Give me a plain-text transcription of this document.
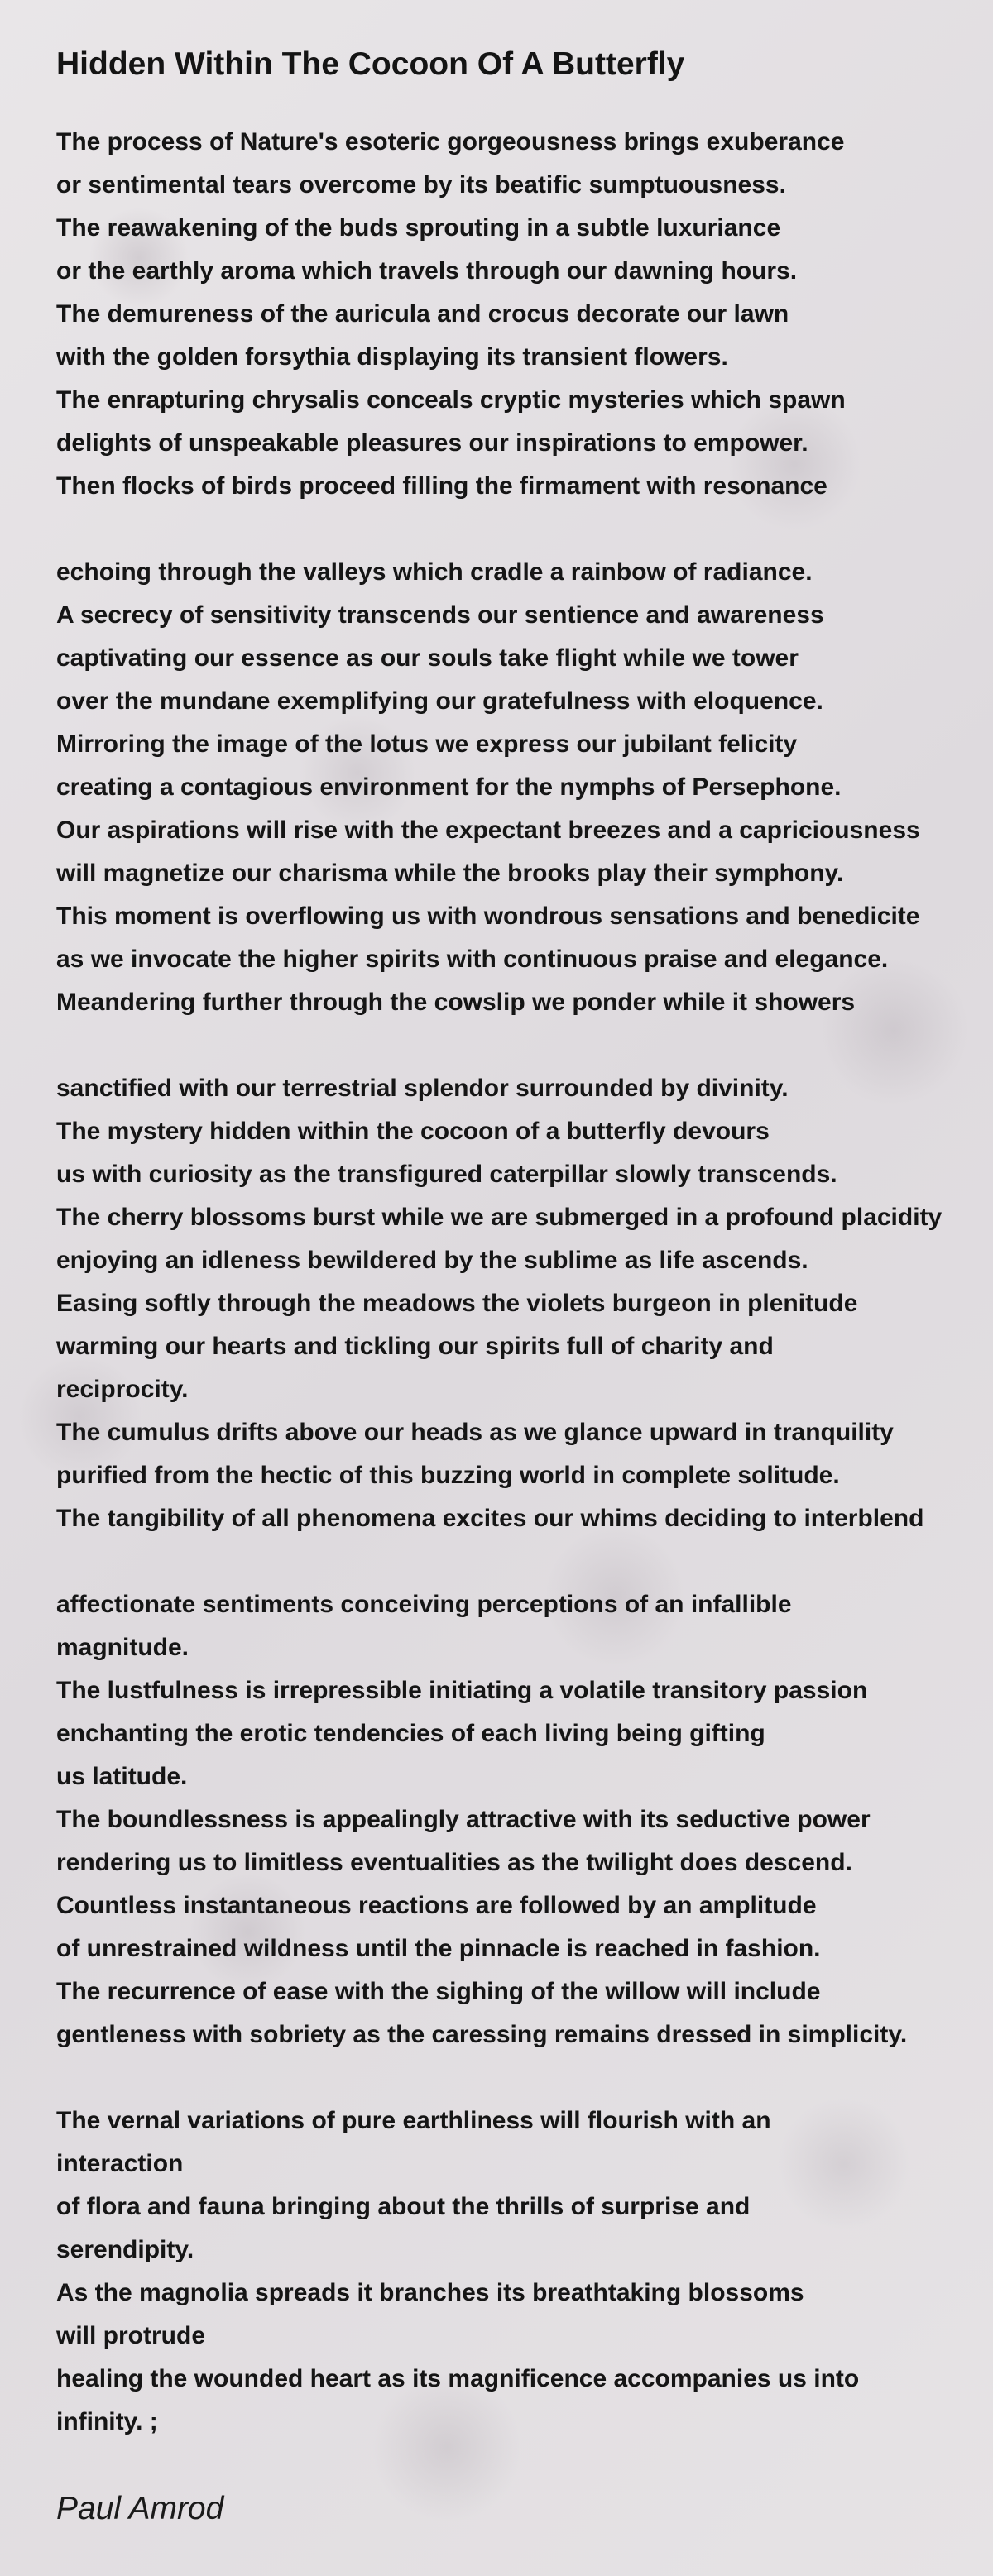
Hidden Within The Cocoon Of A Butterfly
The process of Nature's esoteric gorgeousness brings exuberance
or sentimental tears overcome by its beatific sumptuousness.
The reawakening of the buds sprouting in a subtle luxuriance
or the earthly aroma which travels through our dawning hours.
The demureness of the auricula and crocus decorate our lawn
with the golden forsythia displaying its transient flowers.
The enrapturing chrysalis conceals cryptic mysteries which spawn
delights of unspeakable pleasures our inspirations to empower.
Then flocks of birds proceed filling the firmament with resonance
echoing through the valleys which cradle a rainbow of radiance.
A secrecy of sensitivity transcends our sentience and awareness
captivating our essence as our souls take flight while we tower
over the mundane exemplifying our gratefulness with eloquence.
Mirroring the image of the lotus we express our jubilant felicity
creating a contagious environment for the nymphs of Persephone.
Our aspirations will rise with the expectant breezes and a capriciousness
will magnetize our charisma while the brooks play their symphony.
This moment is overflowing us with wondrous sensations and benedicite
as we invocate the higher spirits with continuous praise and elegance.
Meandering further through the cowslip we ponder while it showers
sanctified with our terrestrial splendor surrounded by divinity.
The mystery hidden within the cocoon of a butterfly devours
us with curiosity as the transfigured caterpillar slowly transcends.
The cherry blossoms burst while we are submerged in a profound placidity
enjoying an idleness bewildered by the sublime as life ascends.
Easing softly through the meadows the violets burgeon in plenitude
warming our hearts and tickling our spirits full of charity and
reciprocity.
The cumulus drifts above our heads as we glance upward in tranquility
purified from the hectic of this buzzing world in complete solitude.
The tangibility of all phenomena excites our whims deciding to interblend
affectionate sentiments conceiving perceptions of an infallible
magnitude.
The lustfulness is irrepressible initiating a volatile transitory passion
enchanting the erotic tendencies of each living being gifting
us latitude.
The boundlessness is appealingly attractive with its seductive power
rendering us to limitless eventualities as the twilight does descend.
Countless instantaneous reactions are followed by an amplitude
of unrestrained wildness until the pinnacle is reached in fashion.
The recurrence of ease with the sighing of the willow will include
gentleness with sobriety as the caressing remains dressed in simplicity.
The vernal variations of pure earthliness will flourish with an
interaction
of flora and fauna bringing about the thrills of surprise and
serendipity.
As the magnolia spreads it branches its breathtaking blossoms
will protrude
healing the wounded heart as its magnificence accompanies us into
infinity. ;
Paul Amrod
